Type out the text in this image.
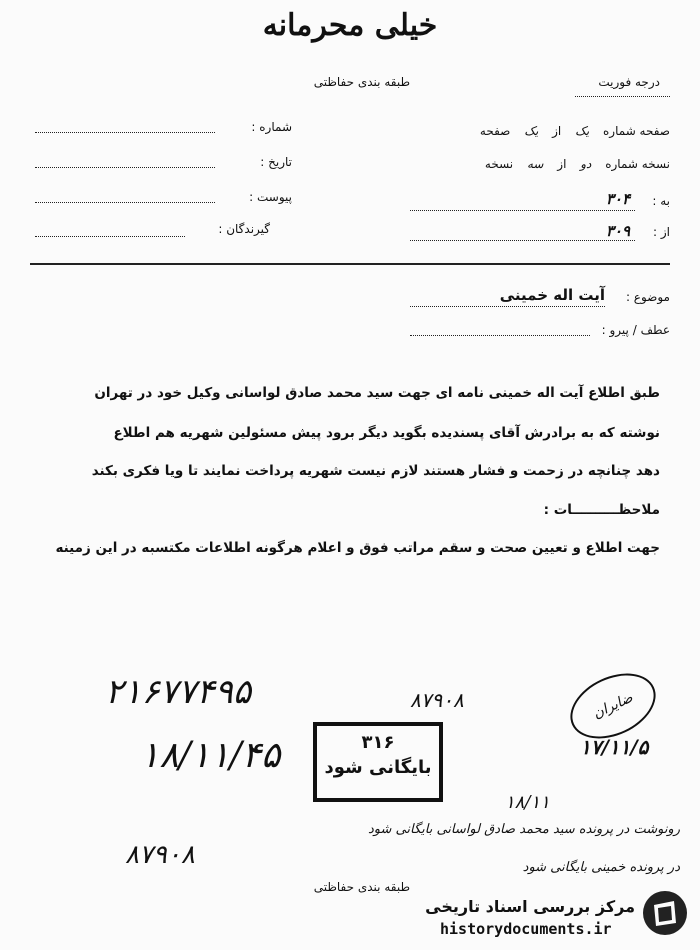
خیلی محرمانه
طبقه بندی حفاظتی	درجه فوریت
صفحه شماره یک از یک صفحه
نسخه شماره دو از سه نسخه
به :
۳۰۴
از :
۳۰۹
شماره :
تاریخ :
پیوست :
گیرندگان :
موضوع :
آیت اله خمینی
عطف / پیرو :
طبق اطلاع آیت اله خمینی نامه ای جهت سید محمد صادق لواسانی وکیل خود در تهران
نوشته که به برادرش آقای پسندیده بگوید دیگر برود پیش مسئولین شهریه هم اطلاع
دهد چنانچه در زحمت و فشار هستند لازم نیست شهریه پرداخت نمایند تا ویا فکری بکند
ملاحظــــــــــات :
جهت اطلاع و تعیین صحت و سقم مراتب فوق و اعلام هرگونه اطلاعات مکتسبه در این زمینه
۲۱۶۷۷۴۹۵	۸۷۹۰۸
۱۸/۱۱/۴۵	۳۱۶
بایگانی شود
ضایران
۱۷/۱۱/۵
۱۸/۱۱
رونوشت در پرونده سید محمد صادق لواسانی بایگانی شود
۸۷۹۰۸	در پرونده خمینی بایگانی شود
طبقه بندی حفاظتی
مرکز بررسی اسناد تاریخی
historydocuments.ir
